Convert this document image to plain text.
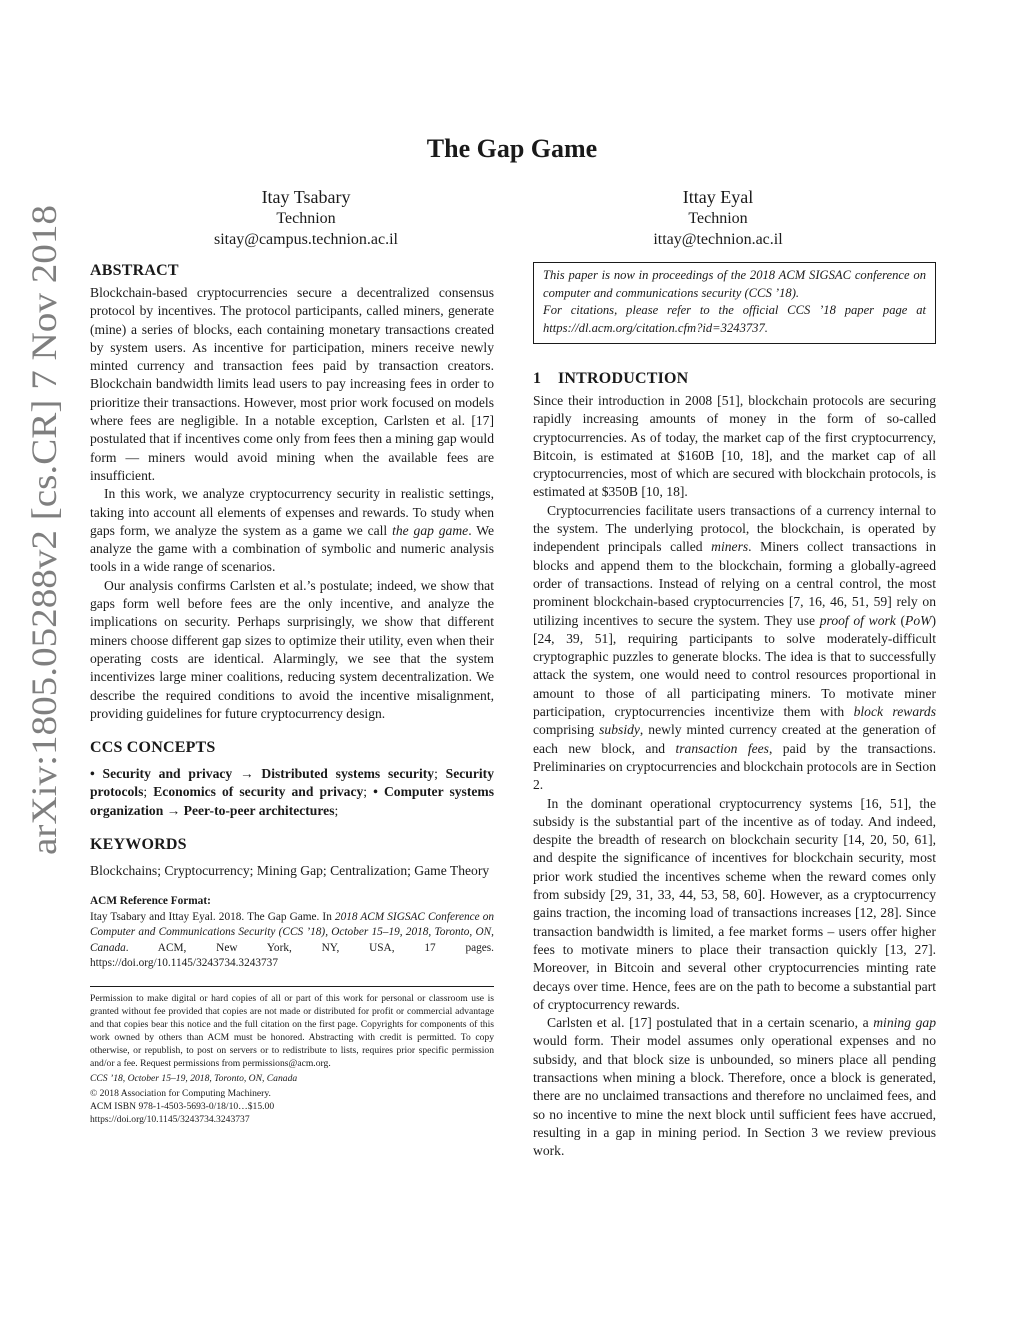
arXiv:1805.05288v2 [cs.CR] 7 Nov 2018
The Gap Game
Itay Tsabary
Technion
sitay@campus.technion.ac.il
Ittay Eyal
Technion
ittay@technion.ac.il
ABSTRACT

Blockchain-based cryptocurrencies secure a decentralized consensus protocol by incentives. The protocol participants, called miners, generate (mine) a series of blocks, each containing monetary transactions created by system users. As incentive for participation, miners receive newly minted currency and transaction fees paid by transaction creators. Blockchain bandwidth limits lead users to pay increasing fees in order to prioritize their transactions. However, most prior work focused on models where fees are negligible. In a notable exception, Carlsten et al. [17] postulated that if incentives come only from fees then a mining gap would form — miners would avoid mining when the available fees are insufficient.

In this work, we analyze cryptocurrency security in realistic settings, taking into account all elements of expenses and rewards. To study when gaps form, we analyze the system as a game we call the gap game. We analyze the game with a combination of symbolic and numeric analysis tools in a wide range of scenarios.

Our analysis confirms Carlsten et al.’s postulate; indeed, we show that gaps form well before fees are the only incentive, and analyze the implications on security. Perhaps surprisingly, we show that different miners choose different gap sizes to optimize their utility, even when their operating costs are identical. Alarmingly, we see that the system incentivizes large miner coalitions, reducing system decentralization. We describe the required conditions to avoid the incentive misalignment, providing guidelines for future cryptocurrency design.

CCS CONCEPTS

• Security and privacy → Distributed systems security; Security protocols; Economics of security and privacy; • Computer systems organization → Peer-to-peer architectures;

KEYWORDS

Blockchains; Cryptocurrency; Mining Gap; Centralization; Game Theory

ACM Reference Format:

Itay Tsabary and Ittay Eyal. 2018. The Gap Game. In 2018 ACM SIGSAC Conference on Computer and Communications Security (CCS ’18), October 15–19, 2018, Toronto, ON, Canada. ACM, New York, NY, USA, 17 pages. https://doi.org/10.1145/3243734.3243737

Permission to make digital or hard copies of all or part of this work for personal or classroom use is granted without fee provided that copies are not made or distributed for profit or commercial advantage and that copies bear this notice and the full citation on the first page. Copyrights for components of this work owned by others than ACM must be honored. Abstracting with credit is permitted. To copy otherwise, or republish, to post on servers or to redistribute to lists, requires prior specific permission and/or a fee. Request permissions from permissions@acm.org.

CCS ’18, October 15–19, 2018, Toronto, ON, Canada
© 2018 Association for Computing Machinery.
ACM ISBN 978-1-4503-5693-0/18/10…$15.00
https://doi.org/10.1145/3243734.3243737

This paper is now in proceedings of the 2018 ACM SIGSAC conference on computer and communications security (CCS ’18).

For citations, please refer to the official CCS ’18 paper page at https://dl.acm.org/citation.cfm?id=3243737.

1    INTRODUCTION

Since their introduction in 2008 [51], blockchain protocols are securing rapidly increasing amounts of money in the form of so-called cryptocurrencies. As of today, the market cap of the first cryptocurrency, Bitcoin, is estimated at $160B [10, 18], and the market cap of all cryptocurrencies, most of which are secured with blockchain protocols, is estimated at $350B [10, 18].

Cryptocurrencies facilitate users transactions of a currency internal to the system. The underlying protocol, the blockchain, is operated by independent principals called miners. Miners collect transactions in blocks and append them to the blockchain, forming a globally-agreed order of transactions. Instead of relying on a central control, the most prominent blockchain-based cryptocurrencies [7, 16, 46, 51, 59] rely on utilizing incentives to secure the system. They use proof of work (PoW) [24, 39, 51], requiring participants to solve moderately-difficult cryptographic puzzles to generate blocks. The idea is that to successfully attack the system, one would need to control resources proportional in amount to those of all participating miners. To motivate miner participation, cryptocurrencies incentivize them with block rewards comprising subsidy, newly minted currency created at the generation of each new block, and transaction fees, paid by the transactions. Preliminaries on cryptocurrencies and blockchain protocols are in Section 2.

In the dominant operational cryptocurrency systems [16, 51], the subsidy is the substantial part of the incentive as of today. And indeed, despite the breadth of research on blockchain security [14, 20, 50, 61], and despite the significance of incentives for blockchain security, most prior work studied the incentives scheme when the reward comes only from subsidy [29, 31, 33, 44, 53, 58, 60]. However, as a cryptocurrency gains traction, the incoming load of transactions increases [12, 28]. Since transaction bandwidth is limited, a fee market forms – users offer higher fees to motivate miners to place their transaction quickly [13, 27]. Moreover, in Bitcoin and several other cryptocurrencies minting rate decays over time. Hence, fees are on the path to become a substantial part of cryptocurrency rewards.

Carlsten et al. [17] postulated that in a certain scenario, a mining gap would form. Their model assumes only operational expenses and no subsidy, and that block size is unbounded, so miners place all pending transactions when mining a block. Therefore, once a block is generated, there are no unclaimed transactions and therefore no unclaimed fees, and so no incentive to mine the next block until sufficient fees have accrued, resulting in a gap in mining period. In Section 3 we review previous work.
